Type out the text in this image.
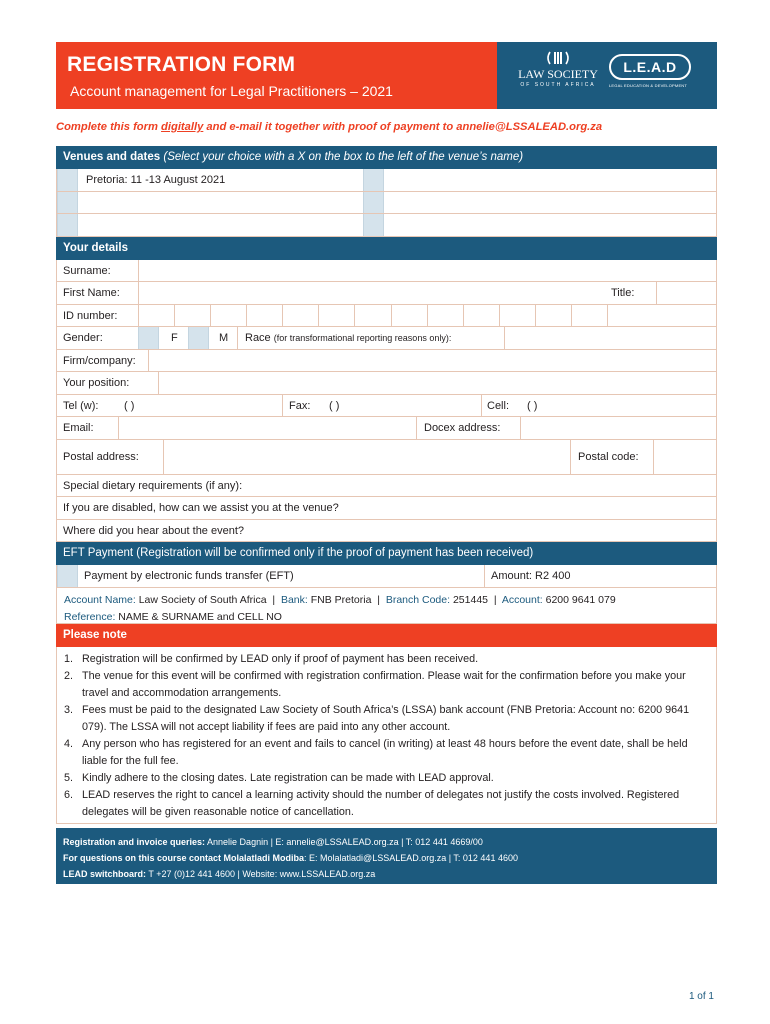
REGISTRATION FORM
Account management for Legal Practitioners – 2021
LAW SOCIETY
OF SOUTH AFRICA
L.E.A.D
LEGAL EDUCATION & DEVELOPMENT
Complete this form digitally and e-mail it together with proof of payment to annelie@LSSALEAD.org.za
Venues and dates (Select your choice with a X on the box to the left of the venue’s name)
Pretoria: 11 -13 August 2021
Your details
Surname:
First Name:	Title:
ID number:
Gender:	F	M Race (for transformational reporting reasons only):
Firm/company:
Your position:
Tel (w): ( )	Fax: ( )	Cell: ( )
Email:	Docex address:
Postal address:	Postal code:
Special dietary requirements (if any):
If you are disabled, how can we assist you at the venue?
Where did you hear about the event?
EFT Payment (Registration will be confirmed only if the proof of payment has been received)
Payment by electronic funds transfer (EFT)	Amount: R2 400
Account Name: Law Society of South Africa  |  Bank: FNB Pretoria  |  Branch Code: 251445  |  Account: 6200 9641 079
Reference: NAME & SURNAME and CELL NO
Please note
1. Registration will be confirmed by LEAD only if proof of payment has been received.
2. The venue for this event will be confirmed with registration confirmation. Please wait for the confirmation before you make your travel and accommodation arrangements.
3. Fees must be paid to the designated Law Society of South Africa’s (LSSA) bank account (FNB Pretoria: Account no: 6200 9641 079). The LSSA will not accept liability if fees are paid into any other account.
4. Any person who has registered for an event and fails to cancel (in writing) at least 48 hours before the event date, shall be held liable for the full fee.
5. Kindly adhere to the closing dates. Late registration can be made with LEAD approval.
6. LEAD reserves the right to cancel a learning activity should the number of delegates not justify the costs involved. Registered delegates will be given reasonable notice of cancellation.
Registration and invoice queries: Annelie Dagnin | E: annelie@LSSALEAD.org.za | T: 012 441 4669/00
For questions on this course contact Molalatladi Modiba: E: Molalatladi@LSSALEAD.org.za | T: 012 441 4600
LEAD switchboard: T +27 (0)12 441 4600 | Website: www.LSSALEAD.org.za
1 of 1
